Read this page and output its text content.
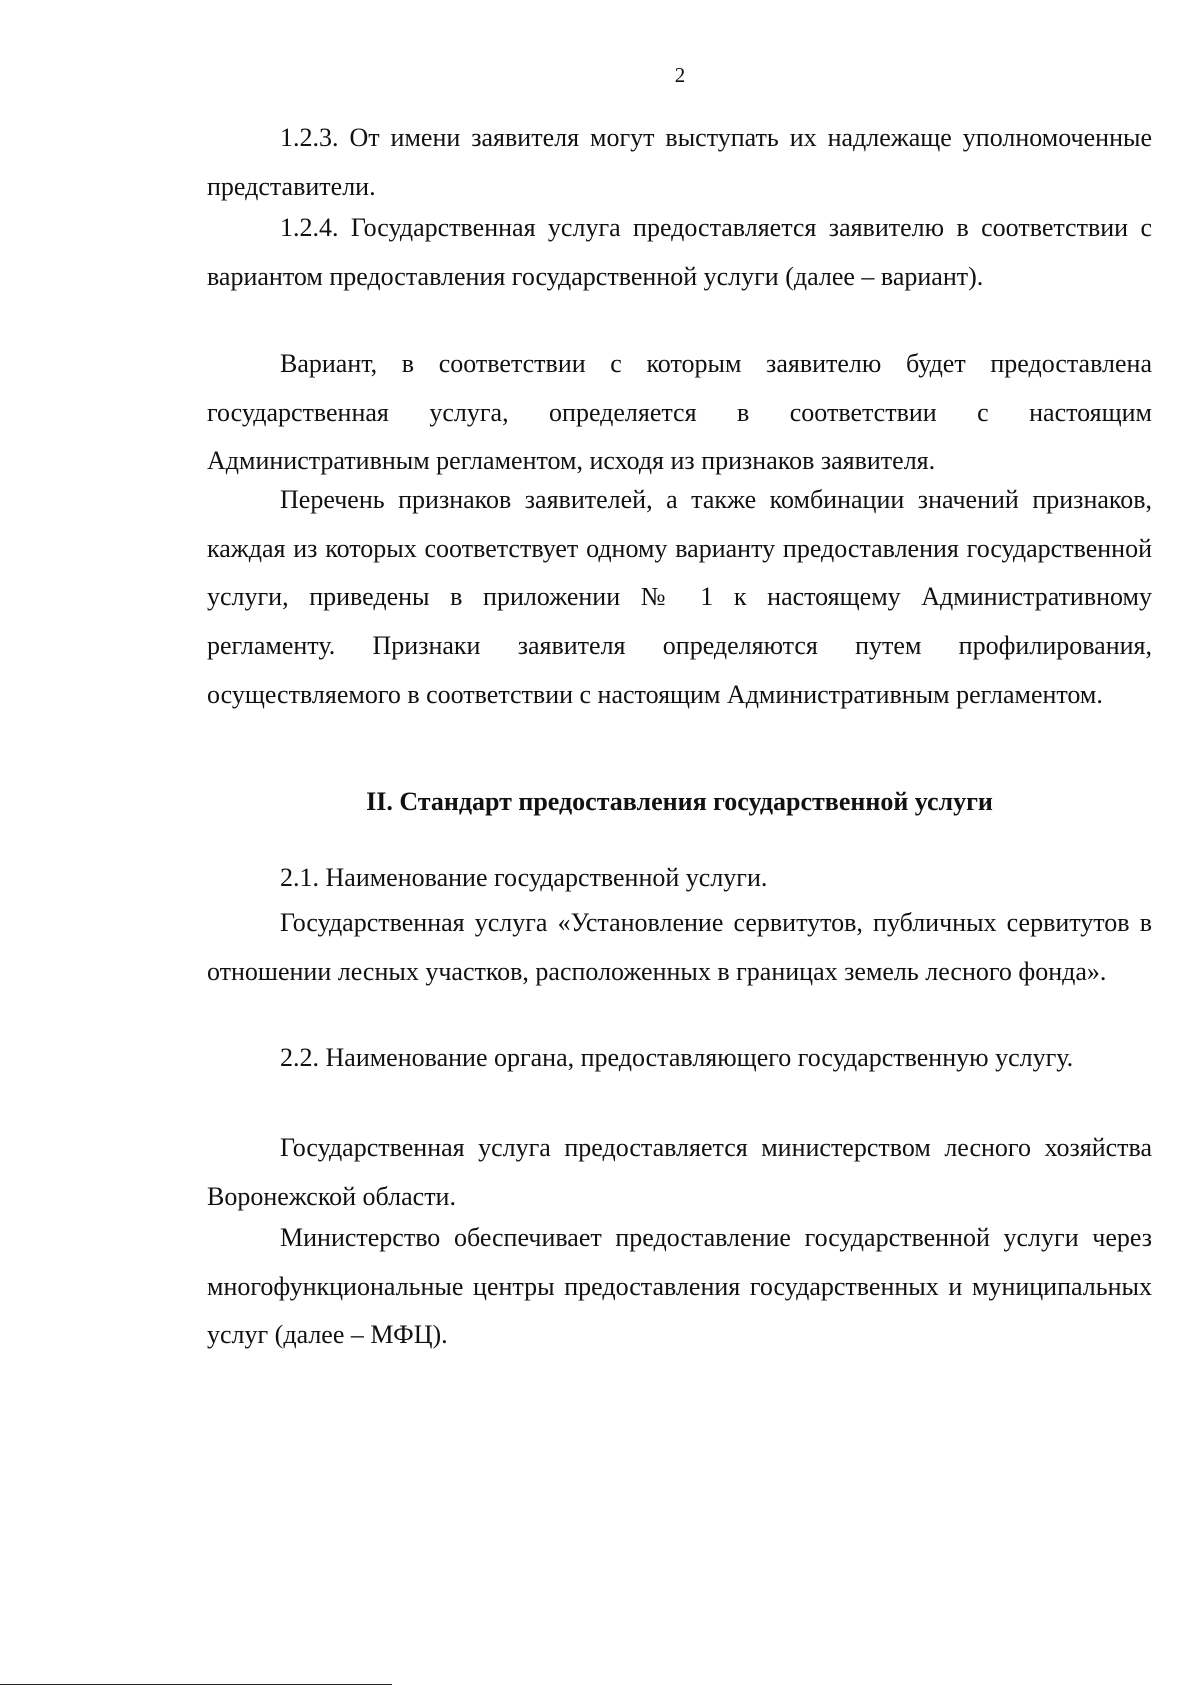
2

1.2.3. От имени заявителя могут выступать их надлежаще уполномоченные представители.

1.2.4. Государственная услуга предоставляется заявителю в соответствии с вариантом предоставления государственной услуги (далее – вариант).

Вариант, в соответствии с которым заявителю будет предоставлена государственная услуга, определяется в соответствии с настоящим Административным регламентом, исходя из признаков заявителя.

Перечень признаков заявителей, а также комбинации значений признаков, каждая из которых соответствует одному варианту предоставления государственной услуги, приведены в приложении № 1 к настоящему Административному регламенту. Признаки заявителя определяются путем профилирования, осуществляемого в соответствии с настоящим Административным регламентом.

II. Стандарт предоставления государственной услуги

2.1. Наименование государственной услуги.

Государственная услуга «Установление сервитутов, публичных сервитутов в отношении лесных участков, расположенных в границах земель лесного фонда».

2.2. Наименование органа, предоставляющего государственную услугу.

Государственная услуга предоставляется министерством лесного хозяйства Воронежской области.

Министерство обеспечивает предоставление государственной услуги через многофункциональные центры предоставления государственных и муниципальных услуг (далее – МФЦ).
